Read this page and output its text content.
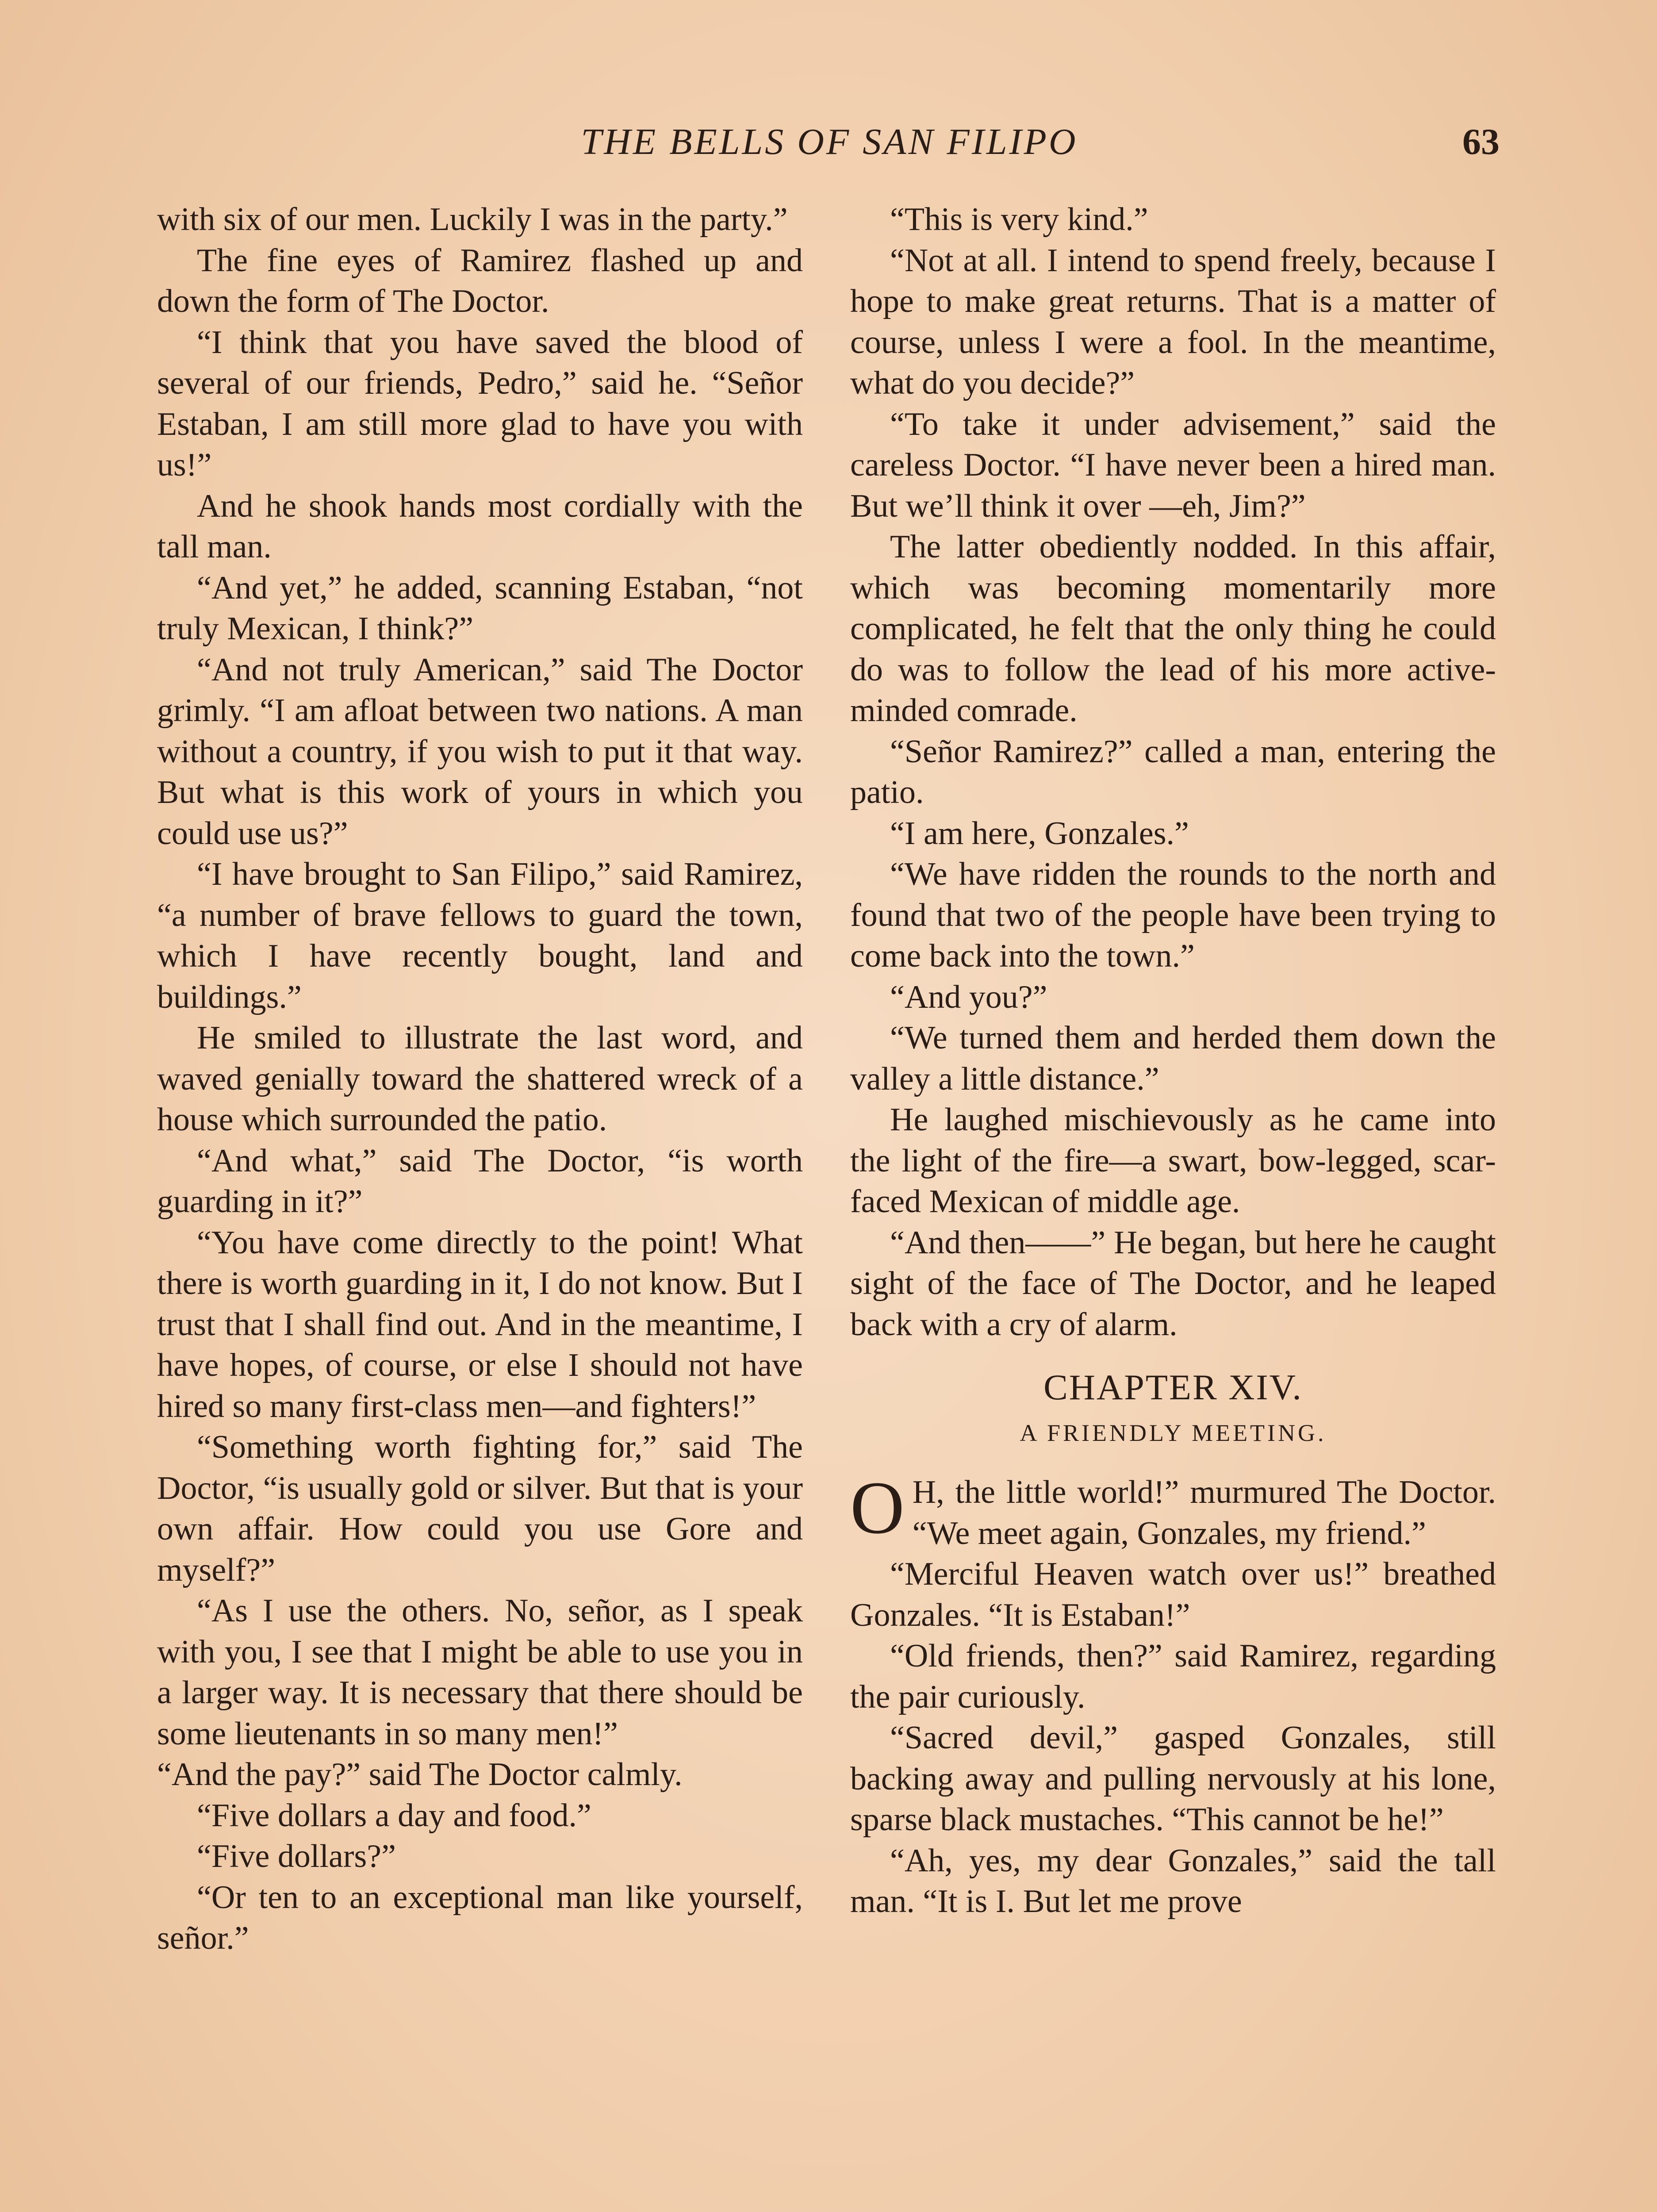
THE BELLS OF SAN FILIPO	63

with six of our men. Luckily I was in the party.”

The fine eyes of Ramirez flashed up and down the form of The Doctor.

“I think that you have saved the blood of several of our friends, Pedro,” said he. “Señor Estaban, I am still more glad to have you with us!”

And he shook hands most cordially with the tall man.

“And yet,” he added, scanning Estaban, “not truly Mexican, I think?”

“And not truly American,” said The Doctor grimly. “I am afloat between two nations. A man without a country, if you wish to put it that way. But what is this work of yours in which you could use us?”

“I have brought to San Filipo,” said Ramirez, “a number of brave fellows to guard the town, which I have recently bought, land and buildings.”

He smiled to illustrate the last word, and waved genially toward the shattered wreck of a house which surrounded the patio.

“And what,” said The Doctor, “is worth guarding in it?”

“You have come directly to the point! What there is worth guarding in it, I do not know. But I trust that I shall find out. And in the meantime, I have hopes, of course, or else I should not have hired so many first-class men—and fighters!”

“Something worth fighting for,” said The Doctor, “is usually gold or silver. But that is your own affair. How could you use Gore and myself?”

“As I use the others. No, señor, as I speak with you, I see that I might be able to use you in a larger way. It is necessary that there should be some lieutenants in so many men!”

“And the pay?” said The Doctor calmly.

“Five dollars a day and food.”

“Five dollars?”

“Or ten to an exceptional man like yourself, señor.”

“This is very kind.”

“Not at all. I intend to spend freely, because I hope to make great returns. That is a matter of course, unless I were a fool. In the meantime, what do you decide?”

“To take it under advisement,” said the careless Doctor. “I have never been a hired man. But we’ll think it over —eh, Jim?”

The latter obediently nodded. In this affair, which was becoming momentarily more complicated, he felt that the only thing he could do was to follow the lead of his more active-minded comrade.

“Señor Ramirez?” called a man, entering the patio.

“I am here, Gonzales.”

“We have ridden the rounds to the north and found that two of the people have been trying to come back into the town.”

“And you?”

“We turned them and herded them down the valley a little distance.”

He laughed mischievously as he came into the light of the fire—a swart, bow-legged, scar-faced Mexican of middle age.

“And then——” He began, but here he caught sight of the face of The Doctor, and he leaped back with a cry of alarm.

CHAPTER XIV.
A FRIENDLY MEETING.

O H, the little world!” murmured The Doctor. “We meet again, Gonzales, my friend.”

“Merciful Heaven watch over us!” breathed Gonzales. “It is Estaban!”

“Old friends, then?” said Ramirez, regarding the pair curiously.

“Sacred devil,” gasped Gonzales, still backing away and pulling nervously at his lone, sparse black mustaches. “This cannot be he!”

“Ah, yes, my dear Gonzales,” said the tall man. “It is I. But let me prove
